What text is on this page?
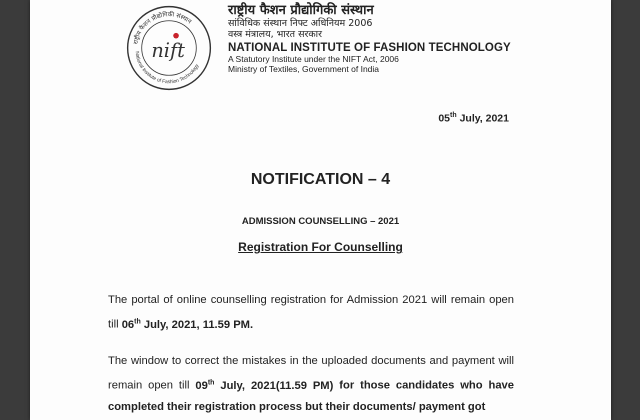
राष्ट्रीय फैशन प्रौद्योगिकी संस्थान
National Institute of Fashion Technology
nift
राष्ट्रीय फैशन प्रौद्योगिकी संस्थान
सांविधिक संस्थान निफ्ट अधिनियम 2006
वस्त्र मंत्रालय, भारत सरकार
NATIONAL INSTITUTE OF FASHION TECHNOLOGY
A Statutory Institute under the NIFT Act, 2006
Ministry of Textiles, Government of India
05th July, 2021
NOTIFICATION – 4
ADMISSION COUNSELLING – 2021
Registration For Counselling
The portal of online counselling registration for Admission 2021 will remain open till 06th July, 2021, 11.59 PM.
The window to correct the mistakes in the uploaded documents and payment will remain open till 09th July, 2021(11.59 PM) for those candidates who have completed their registration process but their documents/ payment got
